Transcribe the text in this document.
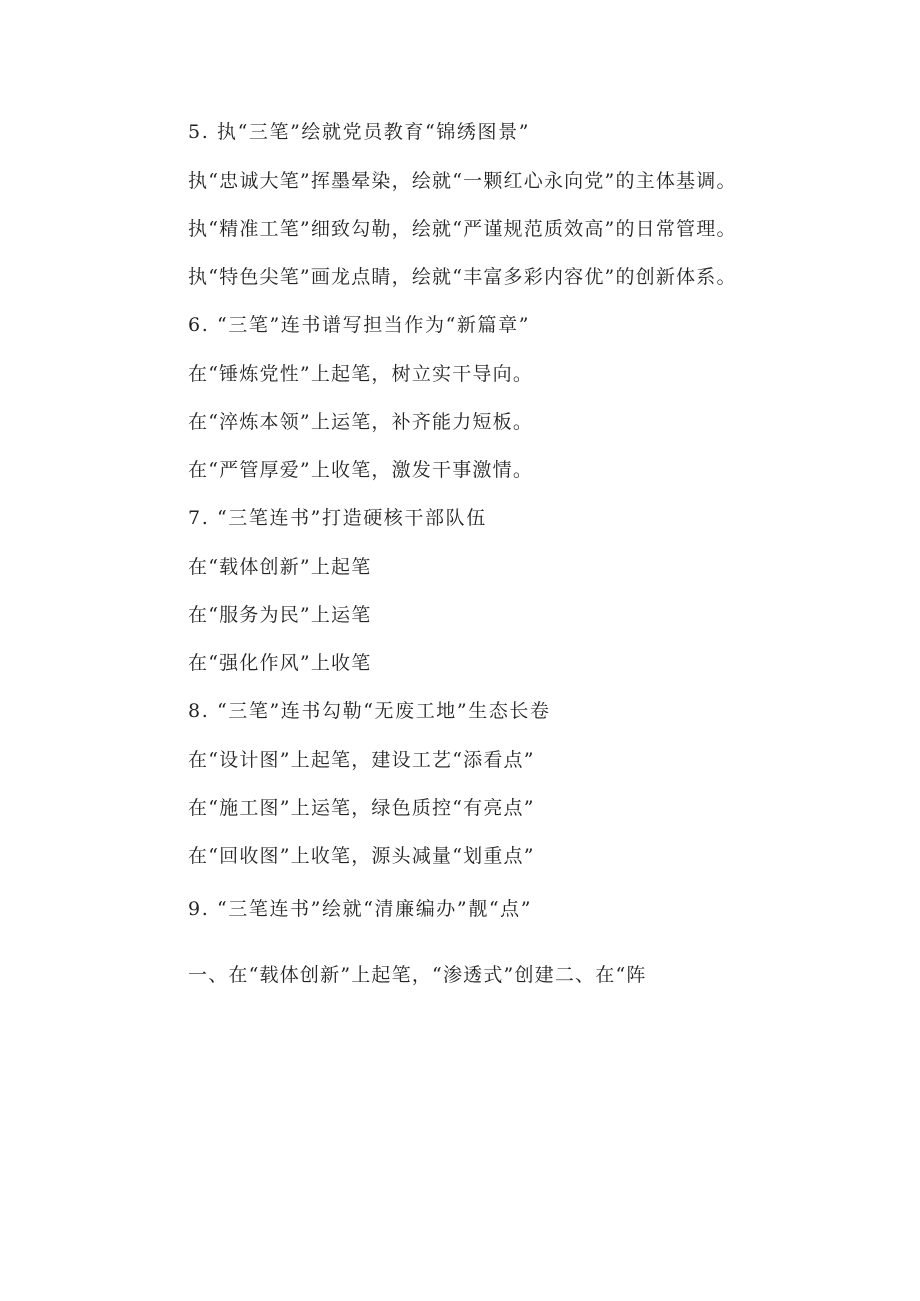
5. 执“三笔”绘就党员教育“锦绣图景”
执“忠诚大笔”挥墨晕染，绘就“一颗红心永向党”的主体基调。
执“精准工笔”细致勾勒，绘就“严谨规范质效高”的日常管理。
执“特色尖笔”画龙点睛，绘就“丰富多彩内容优”的创新体系。
6. “三笔”连书谱写担当作为“新篇章”
在“锤炼党性”上起笔，树立实干导向。
在“淬炼本领”上运笔，补齐能力短板。
在“严管厚爱”上收笔，激发干事激情。
7. “三笔连书”打造硬核干部队伍
在“载体创新”上起笔
在“服务为民”上运笔
在“强化作风”上收笔
8. “三笔”连书勾勒“无废工地”生态长卷
在“设计图”上起笔，建设工艺“添看点”
在“施工图”上运笔，绿色质控“有亮点”
在“回收图”上收笔，源头减量“划重点”
9. “三笔连书”绘就“清廉编办”靓“点”
一、在“载体创新”上起笔，“渗透式”创建二、在“阵
